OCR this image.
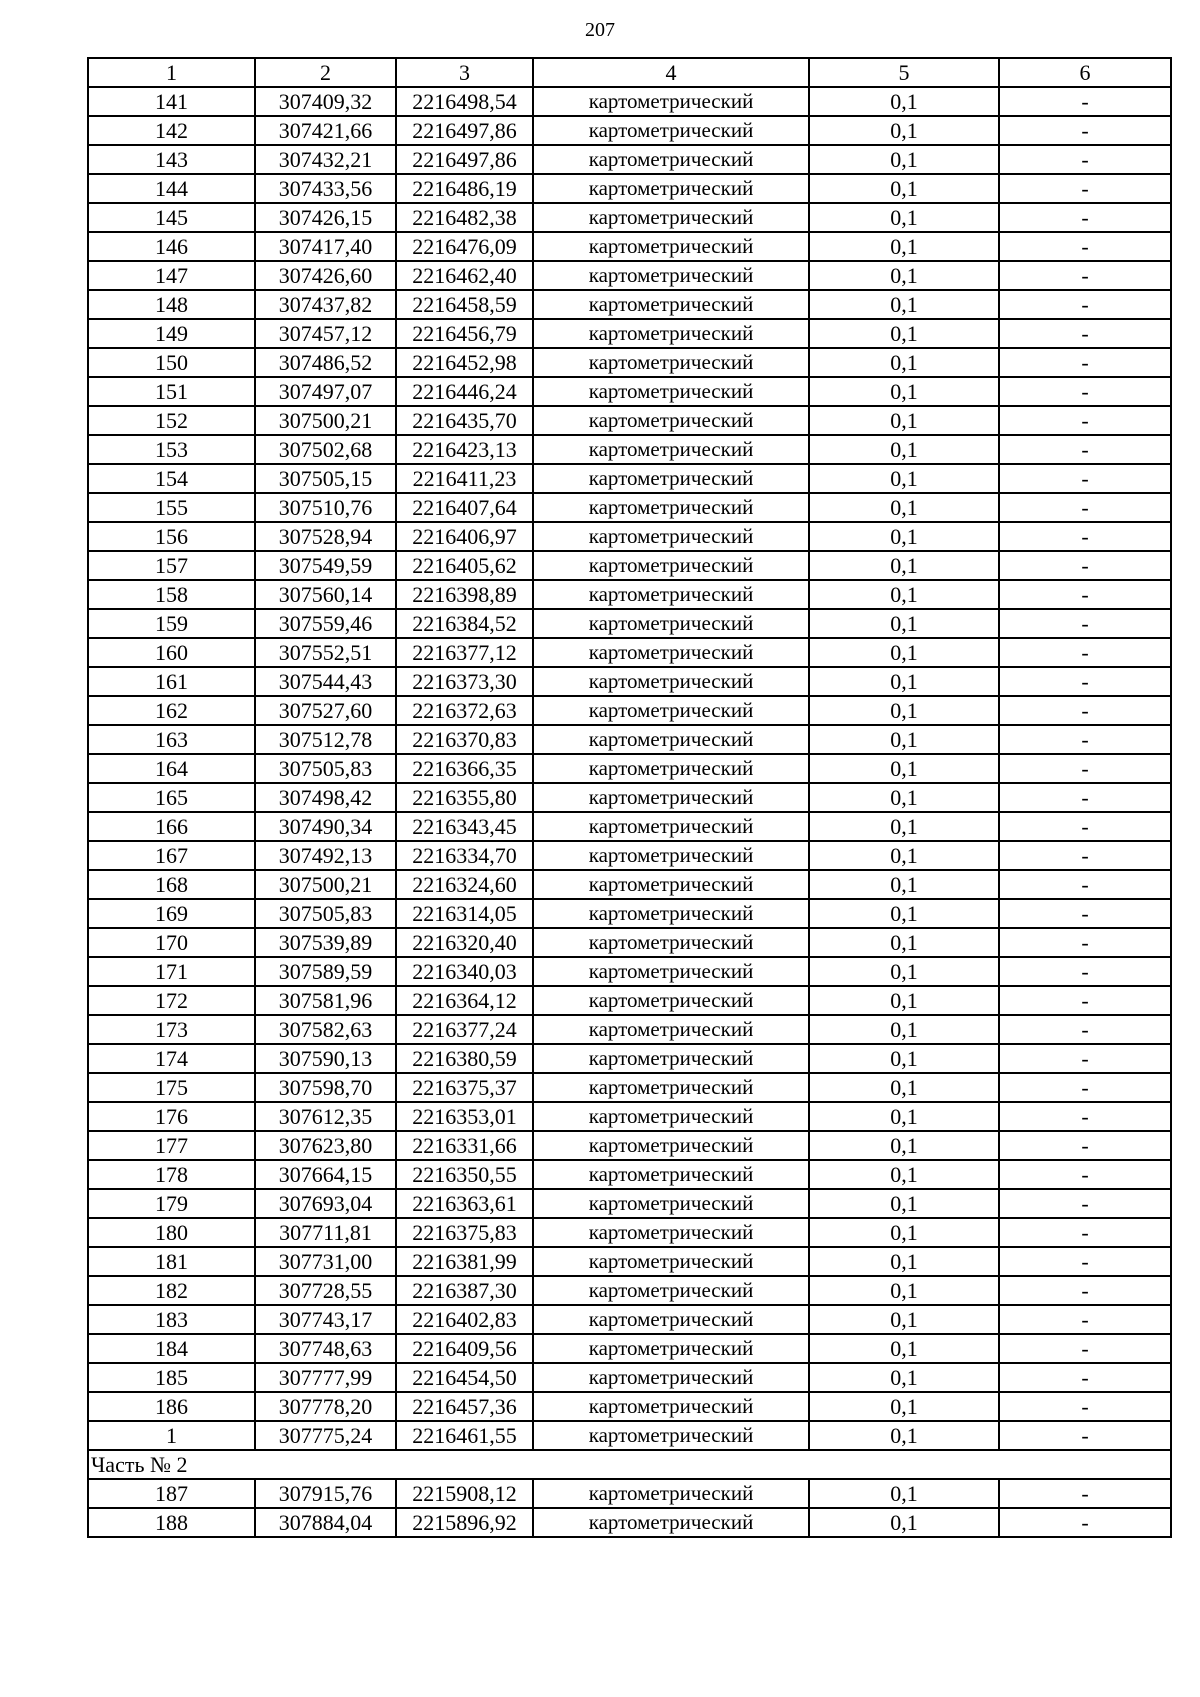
207
1	2	3	4	5	6
141	307409,32	2216498,54	картометрический	0,1	-
142	307421,66	2216497,86	картометрический	0,1	-
143	307432,21	2216497,86	картометрический	0,1	-
144	307433,56	2216486,19	картометрический	0,1	-
145	307426,15	2216482,38	картометрический	0,1	-
146	307417,40	2216476,09	картометрический	0,1	-
147	307426,60	2216462,40	картометрический	0,1	-
148	307437,82	2216458,59	картометрический	0,1	-
149	307457,12	2216456,79	картометрический	0,1	-
150	307486,52	2216452,98	картометрический	0,1	-
151	307497,07	2216446,24	картометрический	0,1	-
152	307500,21	2216435,70	картометрический	0,1	-
153	307502,68	2216423,13	картометрический	0,1	-
154	307505,15	2216411,23	картометрический	0,1	-
155	307510,76	2216407,64	картометрический	0,1	-
156	307528,94	2216406,97	картометрический	0,1	-
157	307549,59	2216405,62	картометрический	0,1	-
158	307560,14	2216398,89	картометрический	0,1	-
159	307559,46	2216384,52	картометрический	0,1	-
160	307552,51	2216377,12	картометрический	0,1	-
161	307544,43	2216373,30	картометрический	0,1	-
162	307527,60	2216372,63	картометрический	0,1	-
163	307512,78	2216370,83	картометрический	0,1	-
164	307505,83	2216366,35	картометрический	0,1	-
165	307498,42	2216355,80	картометрический	0,1	-
166	307490,34	2216343,45	картометрический	0,1	-
167	307492,13	2216334,70	картометрический	0,1	-
168	307500,21	2216324,60	картометрический	0,1	-
169	307505,83	2216314,05	картометрический	0,1	-
170	307539,89	2216320,40	картометрический	0,1	-
171	307589,59	2216340,03	картометрический	0,1	-
172	307581,96	2216364,12	картометрический	0,1	-
173	307582,63	2216377,24	картометрический	0,1	-
174	307590,13	2216380,59	картометрический	0,1	-
175	307598,70	2216375,37	картометрический	0,1	-
176	307612,35	2216353,01	картометрический	0,1	-
177	307623,80	2216331,66	картометрический	0,1	-
178	307664,15	2216350,55	картометрический	0,1	-
179	307693,04	2216363,61	картометрический	0,1	-
180	307711,81	2216375,83	картометрический	0,1	-
181	307731,00	2216381,99	картометрический	0,1	-
182	307728,55	2216387,30	картометрический	0,1	-
183	307743,17	2216402,83	картометрический	0,1	-
184	307748,63	2216409,56	картометрический	0,1	-
185	307777,99	2216454,50	картометрический	0,1	-
186	307778,20	2216457,36	картометрический	0,1	-
1	307775,24	2216461,55	картометрический	0,1	-
Часть № 2					
187	307915,76	2215908,12	картометрический	0,1	-
188	307884,04	2215896,92	картометрический	0,1	-
